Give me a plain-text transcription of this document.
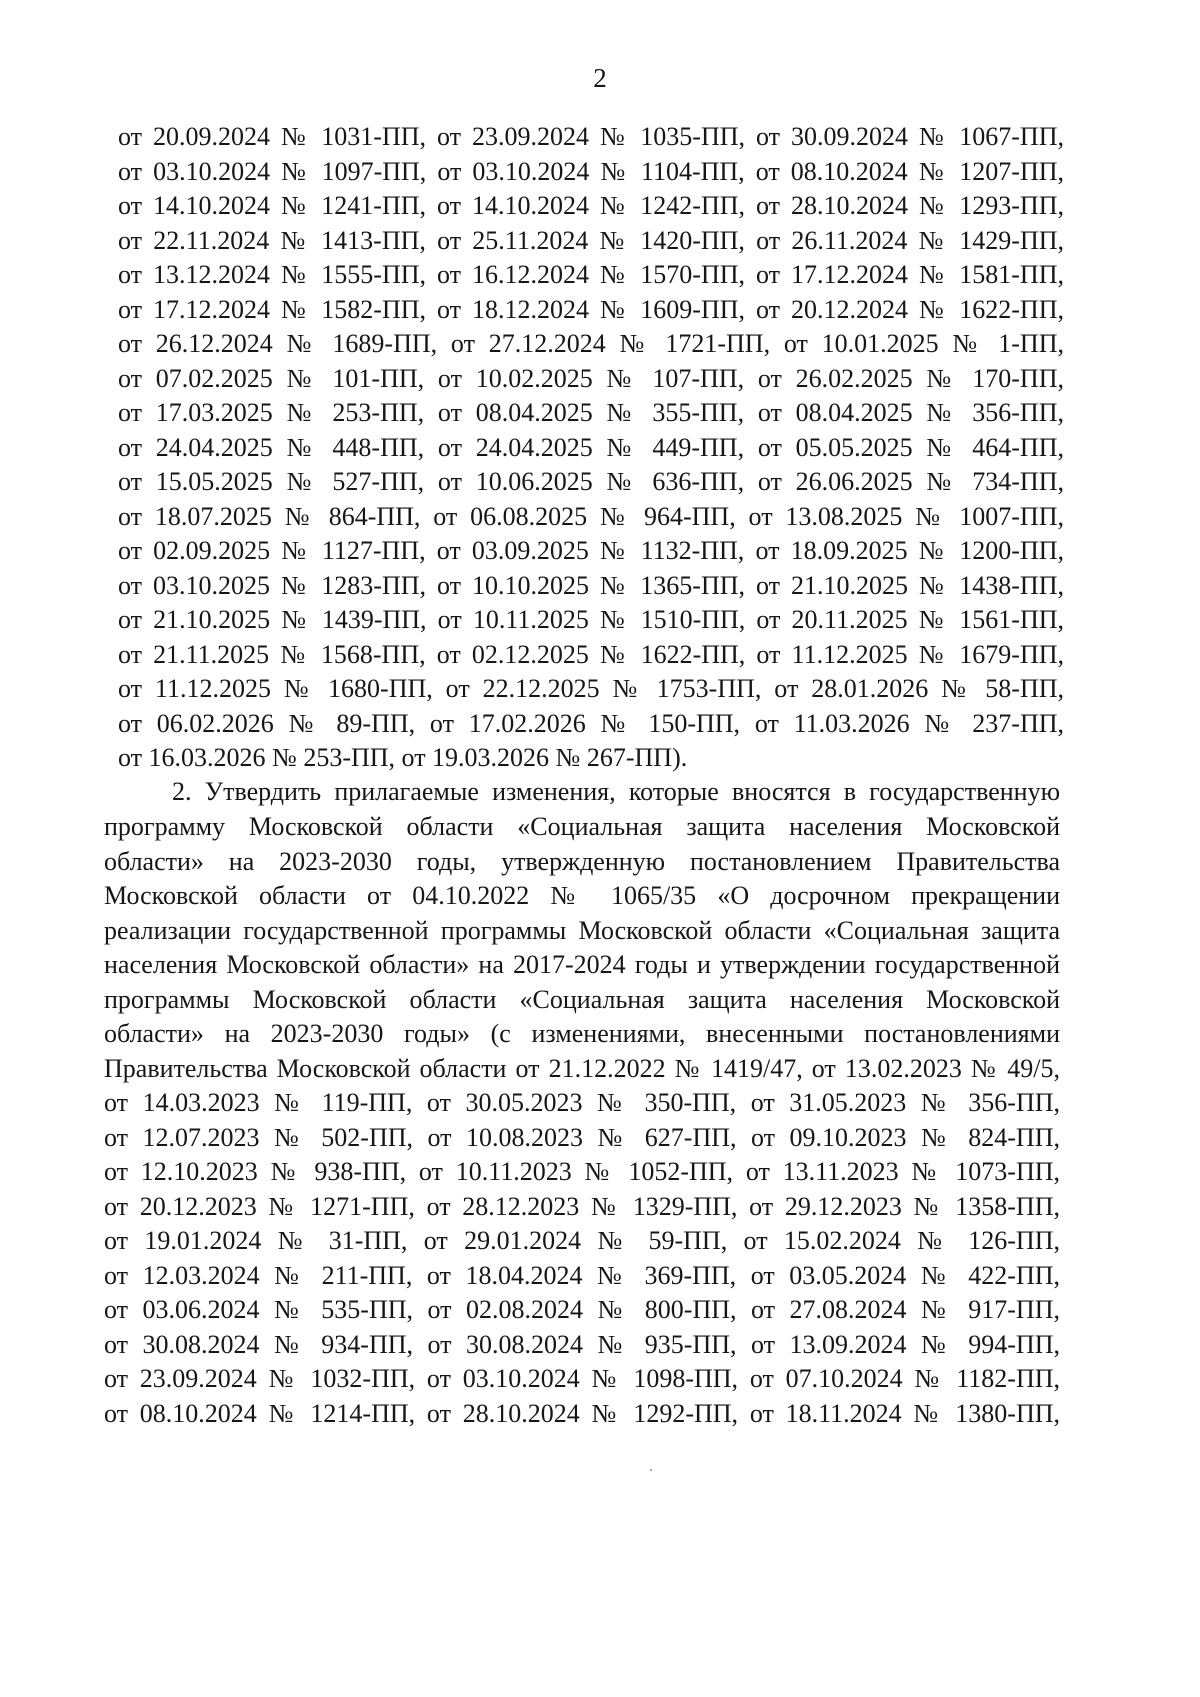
2
от 20.09.2024 № 1031-ПП, от 23.09.2024 № 1035-ПП, от 30.09.2024 № 1067-ПП,
от 03.10.2024 № 1097-ПП, от 03.10.2024 № 1104-ПП, от 08.10.2024 № 1207-ПП,
от 14.10.2024 № 1241-ПП, от 14.10.2024 № 1242-ПП, от 28.10.2024 № 1293-ПП,
от 22.11.2024 № 1413-ПП, от 25.11.2024 № 1420-ПП, от 26.11.2024 № 1429-ПП,
от 13.12.2024 № 1555-ПП, от 16.12.2024 № 1570-ПП, от 17.12.2024 № 1581-ПП,
от 17.12.2024 № 1582-ПП, от 18.12.2024 № 1609-ПП, от 20.12.2024 № 1622-ПП,
от 26.12.2024 № 1689-ПП, от 27.12.2024 № 1721-ПП, от 10.01.2025 № 1-ПП,
от 07.02.2025 № 101-ПП, от 10.02.2025 № 107-ПП, от 26.02.2025 № 170-ПП,
от 17.03.2025 № 253-ПП, от 08.04.2025 № 355-ПП, от 08.04.2025 № 356-ПП,
от 24.04.2025 № 448-ПП, от 24.04.2025 № 449-ПП, от 05.05.2025 № 464-ПП,
от 15.05.2025 № 527-ПП, от 10.06.2025 № 636-ПП, от 26.06.2025 № 734-ПП,
от 18.07.2025 № 864-ПП, от 06.08.2025 № 964-ПП, от 13.08.2025 № 1007-ПП,
от 02.09.2025 № 1127-ПП, от 03.09.2025 № 1132-ПП, от 18.09.2025 № 1200-ПП,
от 03.10.2025 № 1283-ПП, от 10.10.2025 № 1365-ПП, от 21.10.2025 № 1438-ПП,
от 21.10.2025 № 1439-ПП, от 10.11.2025 № 1510-ПП, от 20.11.2025 № 1561-ПП,
от 21.11.2025 № 1568-ПП, от 02.12.2025 № 1622-ПП, от 11.12.2025 № 1679-ПП,
от 11.12.2025 № 1680-ПП, от 22.12.2025 № 1753-ПП, от 28.01.2026 № 58-ПП,
от 06.02.2026 № 89-ПП, от 17.02.2026 № 150-ПП, от 11.03.2026 № 237-ПП,
от 16.03.2026 № 253-ПП, от 19.03.2026 № 267-ПП).
2. Утвердить прилагаемые изменения, которые вносятся в государственную
программу Московской области «Социальная защита населения Московской
области» на 2023-2030 годы, утвержденную постановлением Правительства
Московской области от 04.10.2022 № 1065/35 «О досрочном прекращении
реализации государственной программы Московской области «Социальная защита
населения Московской области» на 2017-2024 годы и утверждении государственной
программы Московской области «Социальная защита населения Московской
области» на 2023-2030 годы» (с изменениями, внесенными постановлениями
Правительства Московской области от 21.12.2022 № 1419/47, от 13.02.2023 № 49/5,
от 14.03.2023 № 119-ПП, от 30.05.2023 № 350-ПП, от 31.05.2023 № 356-ПП,
от 12.07.2023 № 502-ПП, от 10.08.2023 № 627-ПП, от 09.10.2023 № 824-ПП,
от 12.10.2023 № 938-ПП, от 10.11.2023 № 1052-ПП, от 13.11.2023 № 1073-ПП,
от 20.12.2023 № 1271-ПП, от 28.12.2023 № 1329-ПП, от 29.12.2023 № 1358-ПП,
от 19.01.2024 № 31-ПП, от 29.01.2024 № 59-ПП, от 15.02.2024 № 126-ПП,
от 12.03.2024 № 211-ПП, от 18.04.2024 № 369-ПП, от 03.05.2024 № 422-ПП,
от 03.06.2024 № 535-ПП, от 02.08.2024 № 800-ПП, от 27.08.2024 № 917-ПП,
от 30.08.2024 № 934-ПП, от 30.08.2024 № 935-ПП, от 13.09.2024 № 994-ПП,
от 23.09.2024 № 1032-ПП, от 03.10.2024 № 1098-ПП, от 07.10.2024 № 1182-ПП,
от 08.10.2024 № 1214-ПП, от 28.10.2024 № 1292-ПП, от 18.11.2024 № 1380-ПП,
